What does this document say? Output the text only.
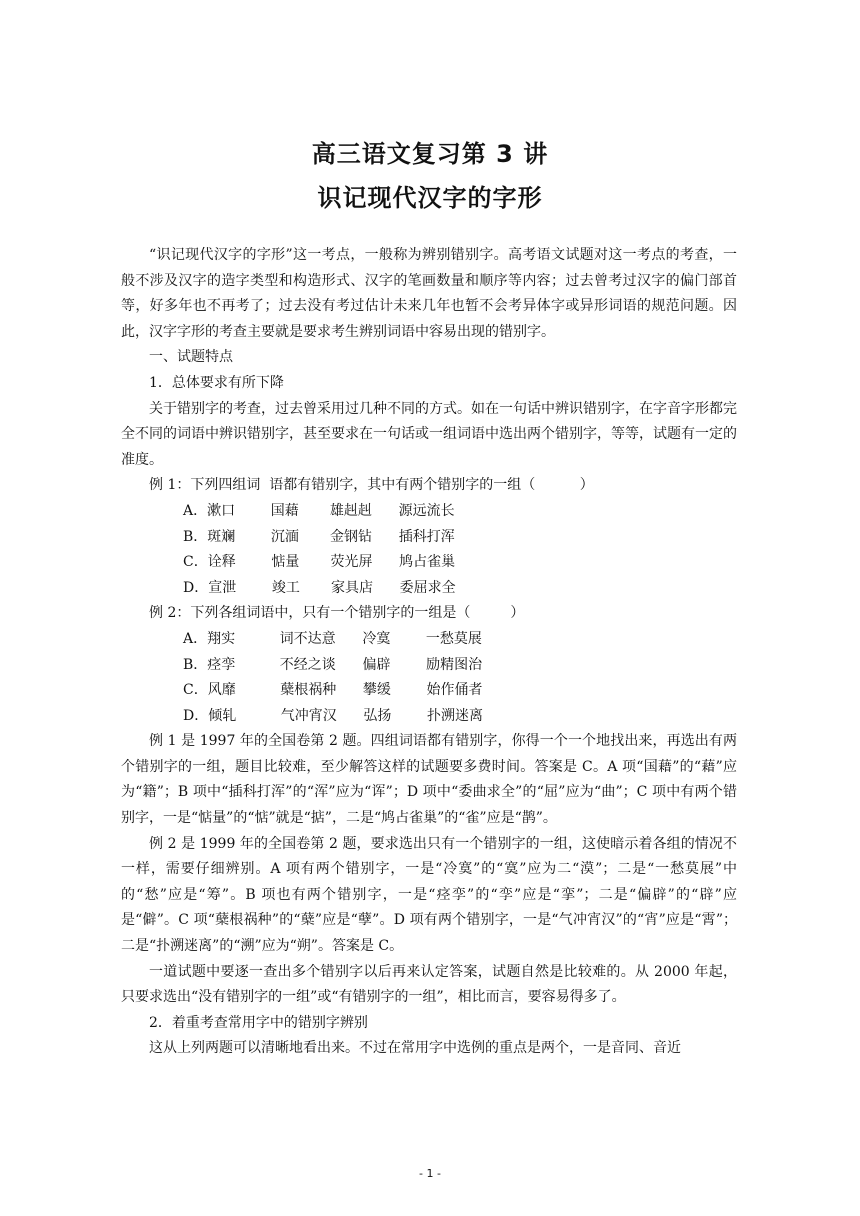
高三语文复习第 3 讲
识记现代汉字的字形

“识记现代汉字的字形”这一考点，一般称为辨别错别字。高考语文试题对这一考点的考查，一般不涉及汉字的造字类型和构造形式、汉字的笔画数量和顺序等内容；过去曾考过汉字的偏门部首等，好多年也不再考了；过去没有考过估计未来几年也暂不会考异体字或异形词语的规范问题。因此，汉字字形的考查主要就是要求考生辨别词语中容易出现的错别字。

一、试题特点

1．总体要求有所下降

关于错别字的考查，过去曾采用过几种不同的方式。如在一句话中辨识错别字，在字音字形都完全不同的词语中辨识错别字，甚至要求在一句话或一组词语中选出两个错别字，等等，试题有一定的准度。

例 1：下列四组词  语都有错别字，其中有两个错别字的一组（          ）

A．漱口        国藉       雄赳赳      源远流长

B．斑斓        沉湎       金钢钻      插科打浑

C．诠释        惦量       荧光屏      鸠占雀巢

D．宣泄        竣工       家具店      委屈求全

例 2：下列各组词语中，只有一个错别字的一组是（         ）

A．翔实          词不达意      冷寞        一愁莫展

B．痉孪          不经之谈      偏辟        励精图治

C．风靡          蘖根祸种      攀缓        始作俑者

D．倾轧          气冲宵汉      弘扬        扑溯迷离

例 1 是 1997 年的全国卷第 2 题。四组词语都有错别字，你得一个一个地找出来，再选出有两个错别字的一组，题目比较难，至少解答这样的试题要多费时间。答案是 C。A 项“国藉”的“藉”应为“籍”；B 项中“插科打浑”的“浑”应为“诨”；D 项中“委曲求全”的“屈”应为“曲”；C 项中有两个错别字，一是“惦量”的“惦”就是“掂”，二是“鸠占雀巢”的“雀”应是“鹊”。

例 2 是 1999 年的全国卷第 2 题，要求选出只有一个错别字的一组，这使暗示着各组的情况不一样，需要仔细辨别。A 项有两个错别字，一是“冷寞”的“寞”应为二“漠”；二是“一愁莫展”中的“愁”应是“筹”。B 项也有两个错别字，一是“痉孪”的“孪”应是“挛”；二是“偏辟”的“辟”应是“僻”。C 项“蘖根祸种”的“蘖”应是“孽”。D 项有两个错别字，一是“气冲宵汉”的“宵”应是“霄”；二是“扑溯迷离”的“溯”应为“朔”。答案是 C。

一道试题中要逐一查出多个错别字以后再来认定答案，试题自然是比较难的。从 2000 年起，只要求选出“没有错别字的一组”或“有错别字的一组”，相比而言，要容易得多了。

2．着重考查常用字中的错别字辨别

这从上列两题可以清晰地看出来。不过在常用字中选例的重点是两个，一是音同、音近

- 1 -
